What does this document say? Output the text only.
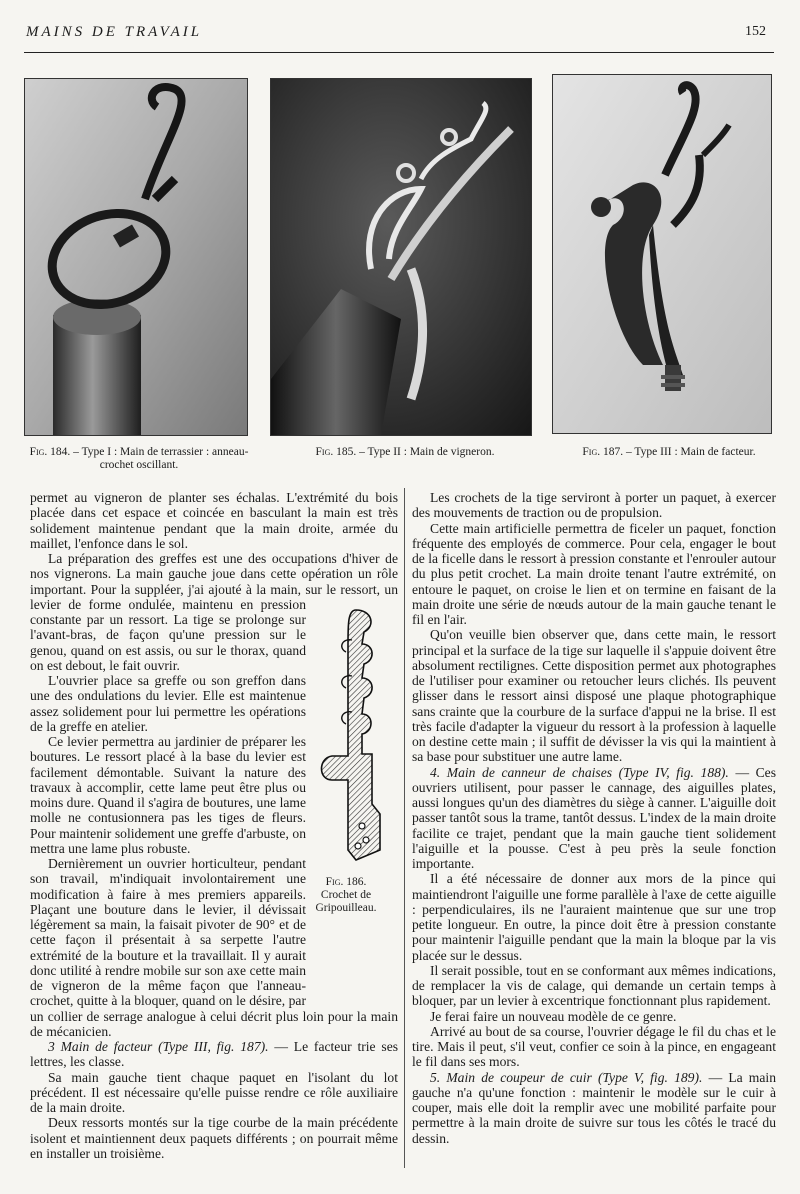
MAINS DE TRAVAIL	152
Fig. 184. – Type I : Main de terrassier : anneau-crochet oscillant.
Fig. 185. – Type II : Main de vigneron.	Fig. 187. – Type III : Main de facteur.
Fig. 186.
Crochet de Gripouilleau.

permet au vigneron de planter ses échalas. L'extrémité du bois placée dans cet espace et coincée en basculant la main est très solidement maintenue pendant que la main droite, armée du maillet, l'enfonce dans le sol.

La préparation des greffes est une des occupations d'hiver de nos vignerons. La main gauche joue dans cette opération un rôle important. Pour la suppléer, j'ai ajouté à la main, sur le ressort, un levier de forme ondulée, maintenu en pression constante par un ressort. La tige se prolonge sur l'avant-bras, de façon qu'une pression sur le genou, quand on est assis, ou sur le thorax, quand on est debout, le fait ouvrir.

L'ouvrier place sa greffe ou son greffon dans une des ondulations du levier. Elle est maintenue assez solidement pour lui permettre les opérations de la greffe en atelier.

Ce levier permettra au jardinier de préparer les boutures. Le ressort placé à la base du levier est facilement démontable. Suivant la nature des travaux à accomplir, cette lame peut être plus ou moins dure. Quand il s'agira de boutures, une lame molle ne contusionnera pas les tiges de fleurs. Pour maintenir solidement une greffe d'arbuste, on mettra une lame plus robuste.

Dernièrement un ouvrier horticulteur, pendant son travail, m'indiquait involontairement une modification à faire à mes premiers appareils. Plaçant une bouture dans le levier, il dévissait légèrement sa main, la faisait pivoter de 90° et de cette façon il présentait à sa serpette l'autre extrémité de la bouture et la travaillait. Il y aurait donc utilité à rendre mobile sur son axe cette main de vigneron de la même façon que l'anneau-crochet, quitte à la bloquer, quand on le désire, par un collier de serrage analogue à celui décrit plus loin pour la main de mécanicien.

3 Main de facteur (Type III, fig. 187). — Le facteur trie ses lettres, les classe.

Sa main gauche tient chaque paquet en l'isolant du lot précédent. Il est nécessaire qu'elle puisse rendre ce rôle auxiliaire de la main droite.

Deux ressorts montés sur la tige courbe de la main précédente isolent et maintiennent deux paquets différents ; on pourrait même en installer un troisième.

Les crochets de la tige serviront à porter un paquet, à exercer des mouvements de traction ou de propulsion.

Cette main artificielle permettra de ficeler un paquet, fonction fréquente des employés de commerce. Pour cela, engager le bout de la ficelle dans le ressort à pression constante et l'enrouler autour du plus petit crochet. La main droite tenant l'autre extrémité, on entoure le paquet, on croise le lien et on termine en faisant de la main droite une série de nœuds autour de la main gauche tenant le fil en l'air.

Qu'on veuille bien observer que, dans cette main, le ressort principal et la surface de la tige sur laquelle il s'appuie doivent être absolument rectilignes. Cette disposition permet aux photographes de l'utiliser pour examiner ou retoucher leurs clichés. Ils peuvent glisser dans le ressort ainsi disposé une plaque photographique sans crainte que la courbure de la surface d'appui ne la brise. Il est très facile d'adapter la vigueur du ressort à la profession à laquelle on destine cette main ; il suffit de dévisser la vis qui la maintient à sa base pour substituer une autre lame.

4. Main de canneur de chaises (Type IV, fig. 188). — Ces ouvriers utilisent, pour passer le cannage, des aiguilles plates, aussi longues qu'un des diamètres du siège à canner. L'aiguille doit passer tantôt sous la trame, tantôt dessus. L'index de la main droite facilite ce trajet, pendant que la main gauche tient solidement l'aiguille et la pousse. C'est à peu près la seule fonction importante.

Il a été nécessaire de donner aux mors de la pince qui maintiendront l'aiguille une forme parallèle à l'axe de cette aiguille : perpendiculaires, ils ne l'auraient maintenue que sur une trop petite longueur. En outre, la pince doit être à pression constante pour maintenir l'aiguille pendant que la main la bloque par la vis placée sur le dessus.

Il serait possible, tout en se conformant aux mêmes indications, de remplacer la vis de calage, qui demande un certain temps à bloquer, par un levier à excentrique fonctionnant plus rapidement.

Je ferai faire un nouveau modèle de ce genre.

Arrivé au bout de sa course, l'ouvrier dégage le fil du chas et le tire. Mais il peut, s'il veut, confier ce soin à la pince, en engageant le fil dans ses mors.

5. Main de coupeur de cuir (Type V, fig. 189). — La main gauche n'a qu'une fonction : maintenir le modèle sur le cuir à couper, mais elle doit la remplir avec une mobilité parfaite pour permettre à la main droite de suivre sur tous les côtés le tracé du dessin.
